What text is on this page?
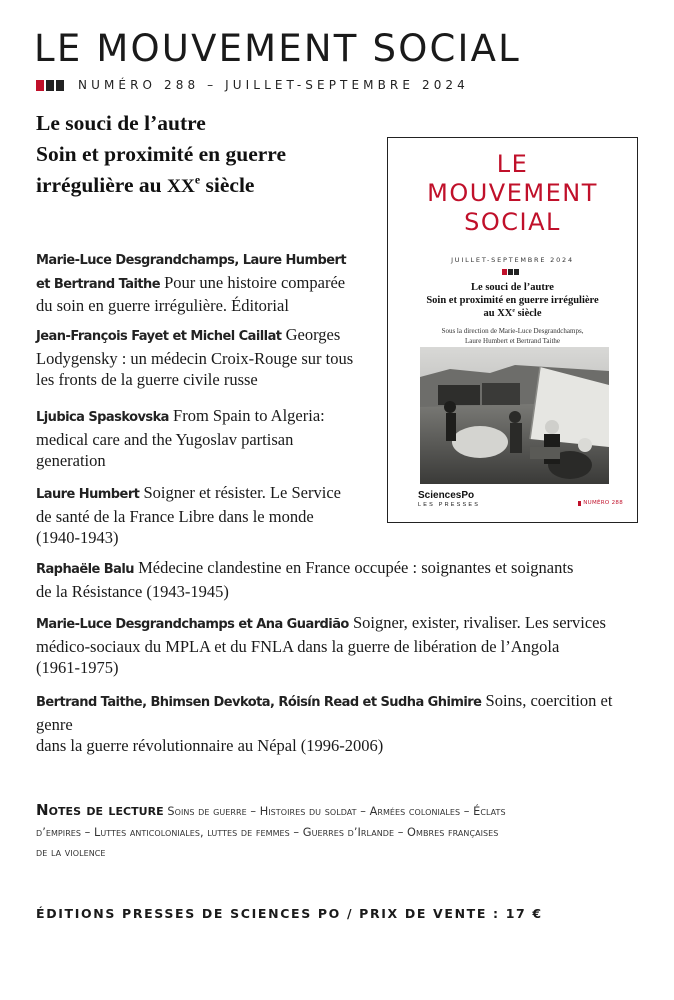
LE MOUVEMENT SOCIAL
NUMÉRO 288 – JUILLET-SEPTEMBRE 2024
Le souci de l’autre
Soin et proximité en guerre
irrégulière au XXe siècle
LE
MOUVEMENT
SOCIAL
JUILLET-SEPTEMBRE 2024
Le souci de l’autre
Soin et proximité en guerre irrégulière
au XXe siècle
Sous la direction de Marie-Luce Desgrandchamps,
Laure Humbert et Bertrand Taithe
SciencesPo
LES PRESSES	NUMÉRO 288
Marie-Luce Desgrandchamps, Laure Humbert
et Bertrand Taithe Pour une histoire comparée
du soin en guerre irrégulière. Éditorial
Jean-François Fayet et Michel Caillat Georges
Lodygensky : un médecin Croix-Rouge sur tous
les fronts de la guerre civile russe
Ljubica Spaskovska From Spain to Algeria:
medical care and the Yugoslav partisan
generation
Laure Humbert Soigner et résister. Le Service
de santé de la France Libre dans le monde
(1940-1943)
Raphaële Balu Médecine clandestine en France occupée : soignantes et soignants
de la Résistance (1943-1945)
Marie-Luce Desgrandchamps et Ana Guardião Soigner, exister, rivaliser. Les services
médico-sociaux du MPLA et du FNLA dans la guerre de libération de l’Angola
(1961-1975)
Bertrand Taithe, Bhimsen Devkota, Róisín Read et Sudha Ghimire Soins, coercition et genre
dans la guerre révolutionnaire au Népal (1996-2006)
Notes de lecture Soins de guerre – Histoires du soldat – Armées coloniales – Éclats
d’empires – Luttes anticoloniales, luttes de femmes – Guerres d’Irlande – Ombres françaises
de la violence
ÉDITIONS PRESSES DE SCIENCES PO / PRIX DE VENTE : 17 €
